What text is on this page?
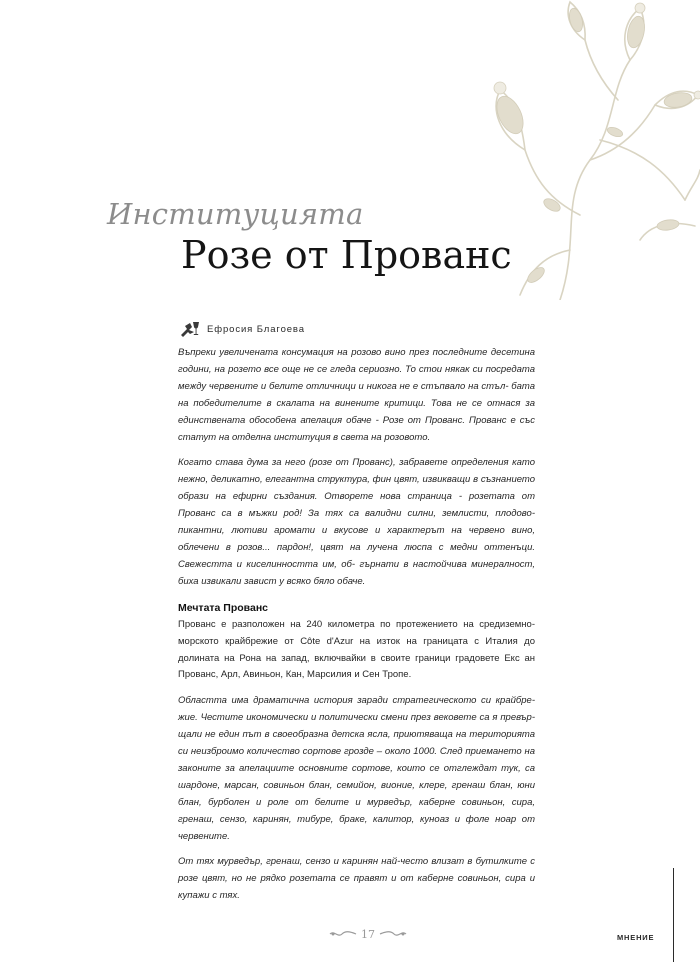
Институцията
Розе от Прованс
Ефросия Благоева

Въпреки увеличената консумация на розово вино през последните десетина години, на розето все още не се гледа сериозно. То стои някак си посредата между червените и белите отличници и никога не е стъпвало на стъл- бата на победителите в скалата на винените критици. Това не се отнася за единствената обособена апелация обаче - Розе от Прованс. Прованс е със статут на отделна институция в света на розовото.

Когато става дума за него (розе от Прованс), забравете определения като нежно, деликатно, елегантна структура, фин цвят, извикващи в съзнанието образи на ефирни създания. Отворете нова страница - розетата от Прованс са в мъжки род! За тях са валидни силни, землисти, плодово-пикантни, лютиви аромати и вкусове и характерът на червено вино, облечени в розов... пардон!, цвят на лучена люспа с медни оттенъци. Свежестта и киселинността им, об- гърнати в настойчива минералност, биха извикали завист у всяко бяло обаче.

Мечтата Прованс

Прованс е разположен на 240 километра по протежението на средиземно- морското крайбрежие от Côte d'Azur на изток на границата с Италия до долината на Рона на запад, включвайки в своите граници градовете Екс ан Прованс, Арл, Авиньон, Кан, Марсилия и Сен Тропе.

Областта има драматична история заради стратегическото си крайбре- жие. Честите икономически и политически смени през вековете са я превър- щали не един път в своеобразна детска ясла, приютяваща на територията си неизброимо количество сортове грозде – около 1000. След приемането на законите за апелациите основните сортове, които се отглеждат тук, са шардоне, марсан, совиньон блан, семийон, вионие, клере, гренаш блан, юни блан, бурболен и роле от белите и мурведър, каберне совиньон, сира, гренаш, сензо, каринян, тибуре, браке, калитор, куноаз и фоле ноар от червените.

От тях мурведър, гренаш, сензо и каринян най-често влизат в бутилките с розе цвят, но не рядко розетата се правят и от каберне совиньон, сира и купажи с тях.

17	МНЕНИЕ
